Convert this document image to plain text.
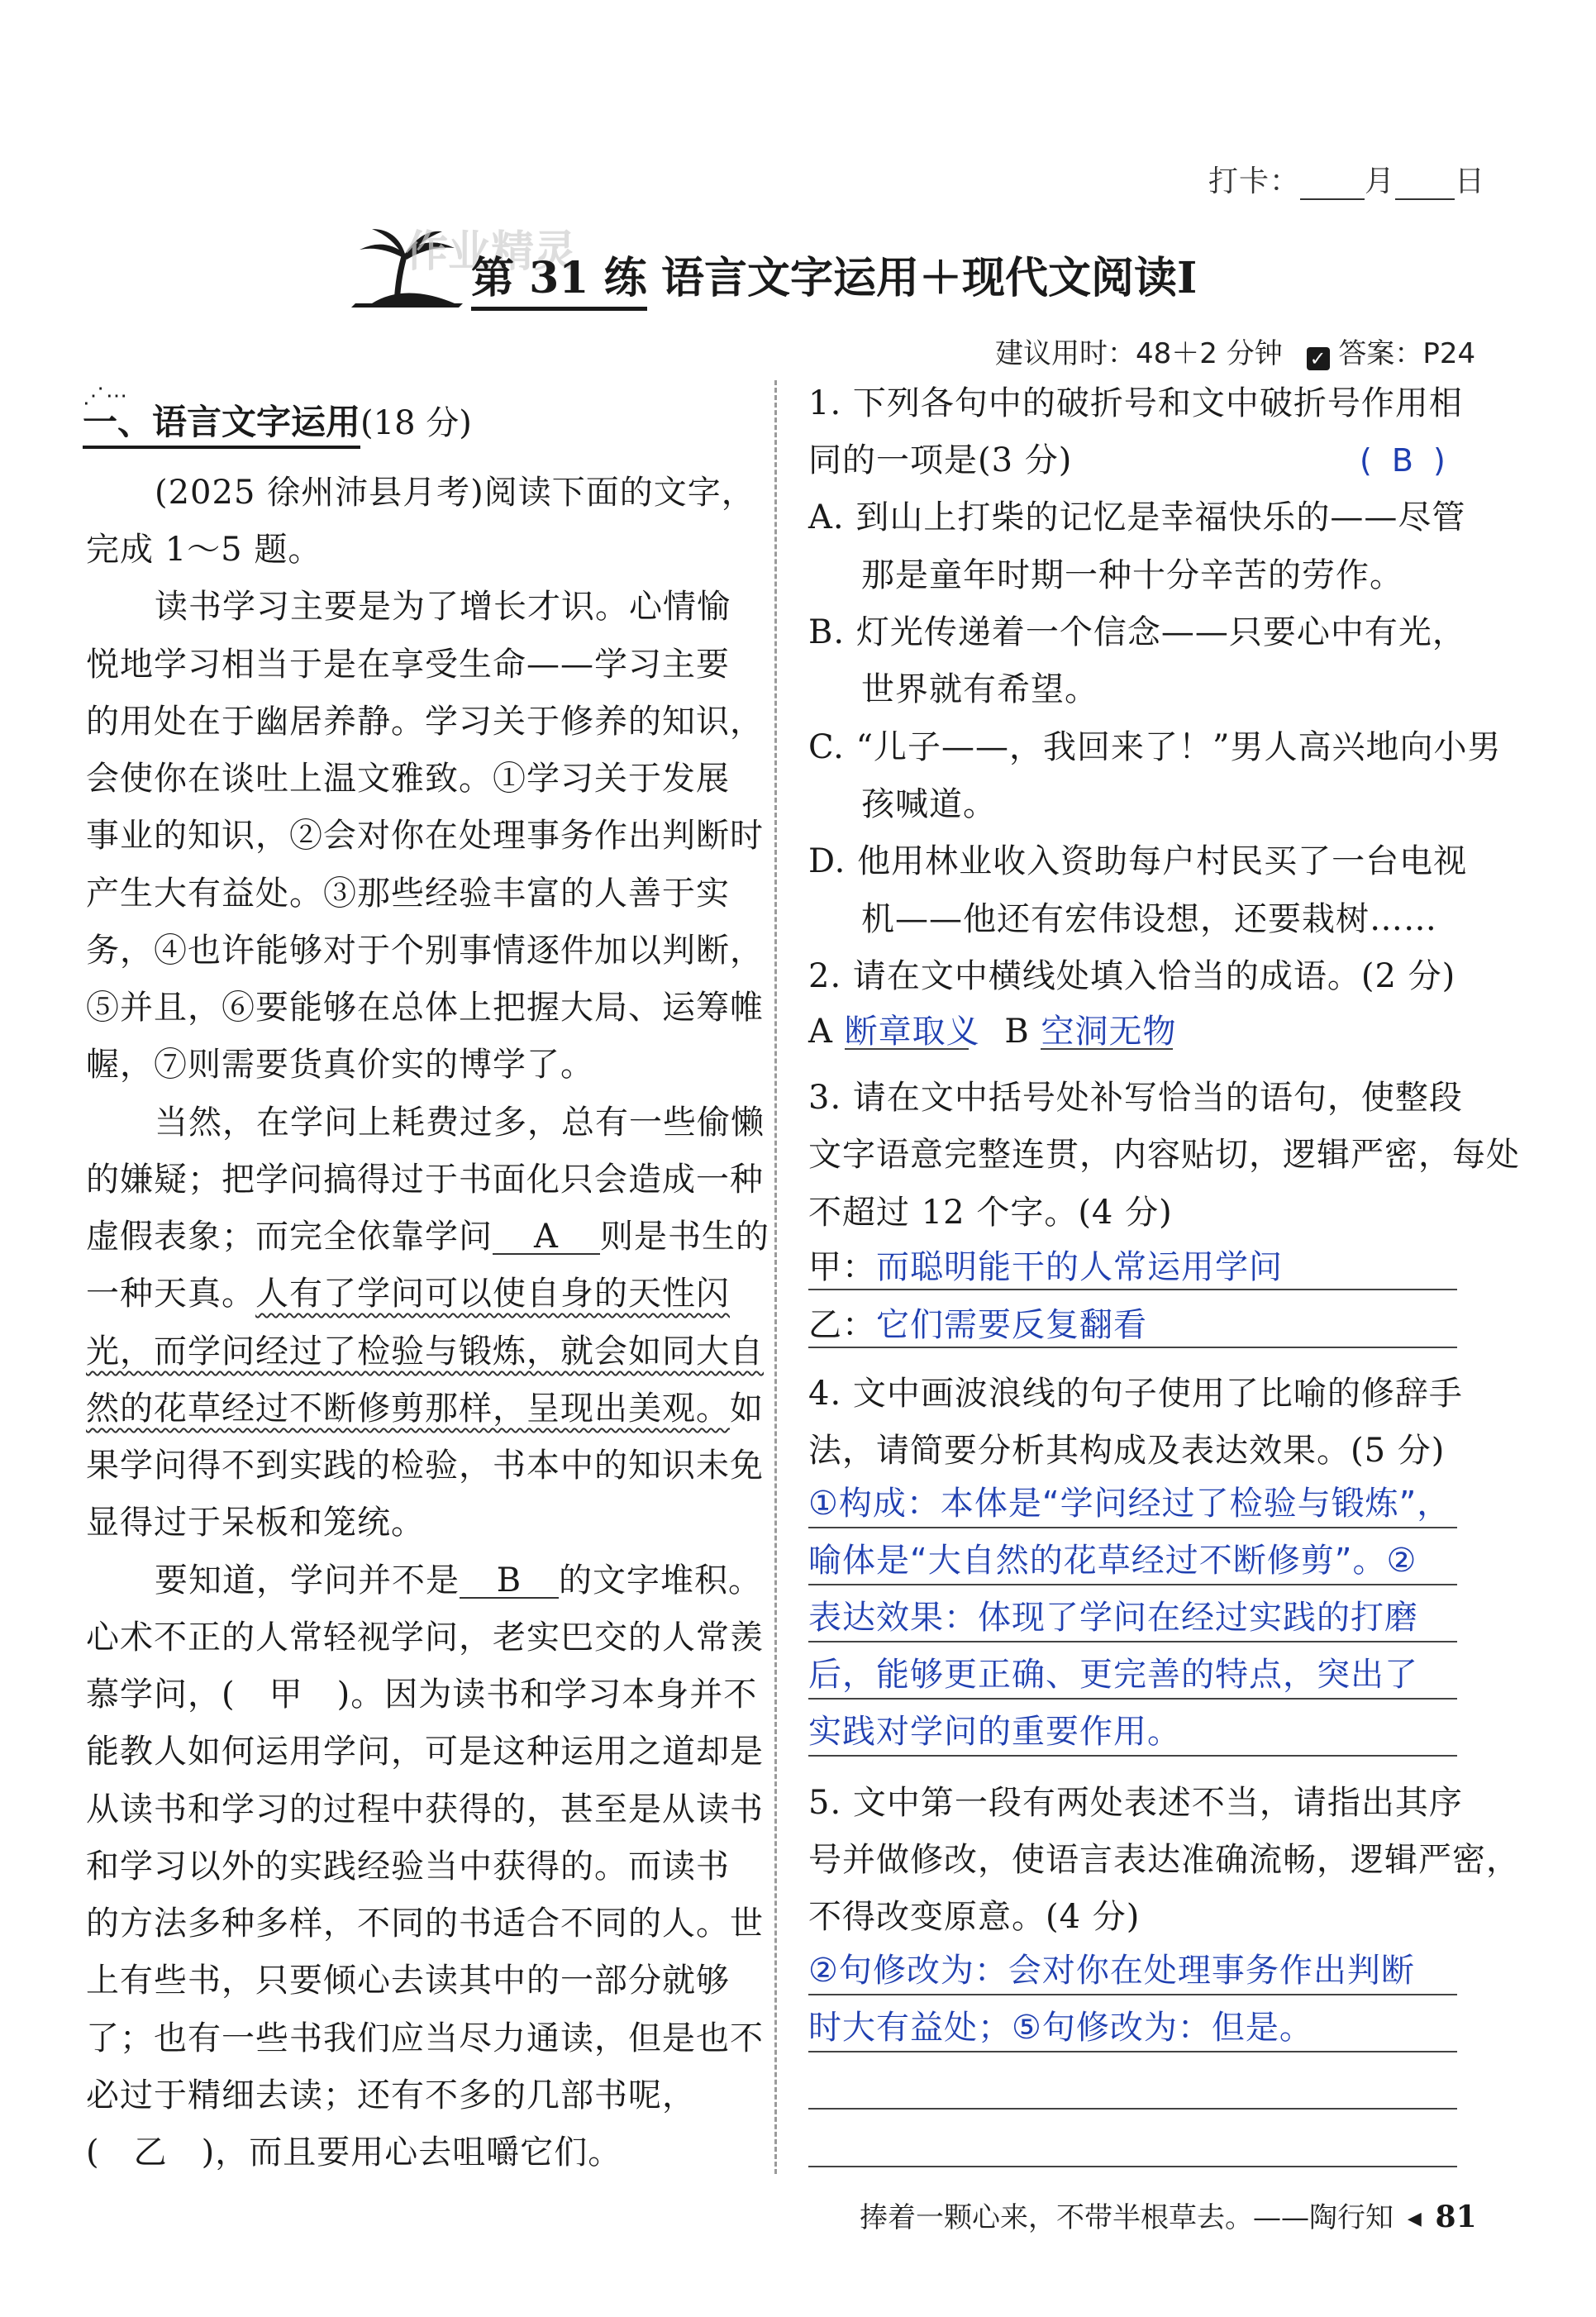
打卡： 月 日
作业精灵
第 31 练 语言文字运用＋现代文阅读Ⅰ
建议用时：48＋2 分钟 ✓ 答案：P24
⋰⋯
一、语言文字运用(18 分)
(2025 徐州沛县月考)阅读下面的文字，
完成 1～5 题。
读书学习主要是为了增长才识。心情愉
悦地学习相当于是在享受生命——学习主要
的用处在于幽居养静。学习关于修养的知识，
会使你在谈吐上温文雅致。①学习关于发展
事业的知识，②会对你在处理事务作出判断时
产生大有益处。③那些经验丰富的人善于实
务，④也许能够对于个别事情逐件加以判断，
⑤并且，⑥要能够在总体上把握大局、运筹帷
幄，⑦则需要货真价实的博学了。
当然，在学问上耗费过多，总有一些偷懒
的嫌疑；把学问搞得过于书面化只会造成一种
虚假表象；而完全依靠学问 A 则是书生的
一种天真。人有了学问可以使自身的天性闪
光，而学问经过了检验与锻炼，就会如同大自
然的花草经过不断修剪那样，呈现出美观。如
果学问得不到实践的检验，书本中的知识未免
显得过于呆板和笼统。
要知道，学问并不是 B 的文字堆积。
心术不正的人常轻视学问，老实巴交的人常羡
慕学问，(　甲　)。因为读书和学习本身并不
能教人如何运用学问，可是这种运用之道却是
从读书和学习的过程中获得的，甚至是从读书
和学习以外的实践经验当中获得的。而读书
的方法多种多样，不同的书适合不同的人。世
上有些书，只要倾心去读其中的一部分就够
了；也有一些书我们应当尽力通读，但是也不
必过于精细去读；还有不多的几部书呢，
(　乙　)，而且要用心去咀嚼它们。
1. 下列各句中的破折号和文中破折号作用相
同的一项是(3 分)	( B )
A. 到山上打柴的记忆是幸福快乐的——尽管
那是童年时期一种十分辛苦的劳作。
B. 灯光传递着一个信念——只要心中有光，
世界就有希望。
C. “儿子——，我回来了！”男人高兴地向小男
孩喊道。
D. 他用林业收入资助每户村民买了一台电视
机——他还有宏伟设想，还要栽树……
2. 请在文中横线处填入恰当的成语。(2 分)
A 断章取义 B 空洞无物
3. 请在文中括号处补写恰当的语句，使整段
文字语意完整连贯，内容贴切，逻辑严密，每处
不超过 12 个字。(4 分)
甲：而聪明能干的人常运用学问
乙：它们需要反复翻看
4. 文中画波浪线的句子使用了比喻的修辞手
法，请简要分析其构成及表达效果。(5 分)
①构成：本体是“学问经过了检验与锻炼”，
喻体是“大自然的花草经过不断修剪”。②
表达效果：体现了学问在经过实践的打磨
后，能够更正确、更完善的特点，突出了
实践对学问的重要作用。
5. 文中第一段有两处表述不当，请指出其序
号并做修改，使语言表达准确流畅，逻辑严密，
不得改变原意。(4 分)
②句修改为：会对你在处理事务作出判断
时大有益处；⑤句修改为：但是。
捧着一颗心来，不带半根草去。——陶行知 ◀ 81
